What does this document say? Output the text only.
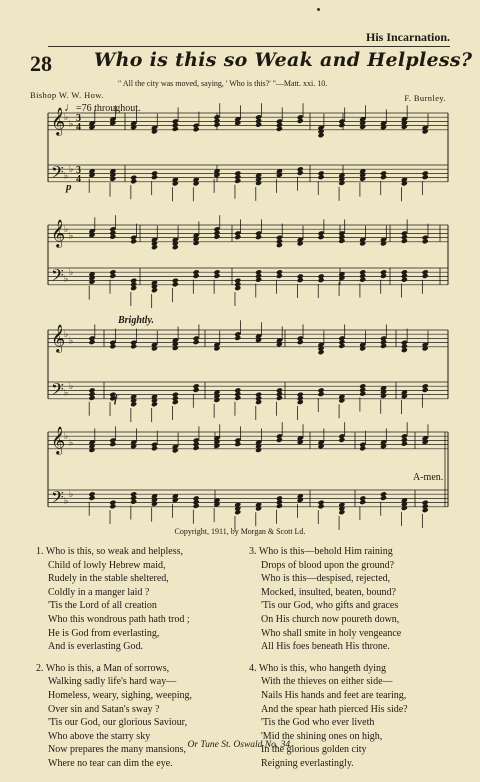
His Incarnation.
28 Who is this so Weak and Helpless?
" All the city was moved, saying, ' Who is this?' "—Matt. xxi. 10.
Bishop W. W. How.	F. Burnley.
♩=76 throughout.
𝄞
♭
♭
3
4
𝄢 ♭
♭ 3
4
𝄞
♭
♭
𝄢 ♭
♭
𝄞
♭
♭
𝄢 ♭
♭
𝄞
♭
♭
𝄢 ♭
♭
p
f
Brightly.
A-men.
Copyright, 1911, by Morgan & Scott Ld.
1. Who is this, so weak and helpless,
Child of lowly Hebrew maid,
Rudely in the stable sheltered,
Coldly in a manger laid ?
'Tis the Lord of all creation
Who this wondrous path hath trod ;
He is God from everlasting,
And is everlasting God.
2. Who is this, a Man of sorrows,
Walking sadly life's hard way—
Homeless, weary, sighing, weeping,
Over sin and Satan's sway ?
'Tis our God, our glorious Saviour,
Who above the starry sky
Now prepares the many mansions,
Where no tear can dim the eye.
3. Who is this—behold Him raining
Drops of blood upon the ground?
Who is this—despised, rejected,
Mocked, insulted, beaten, bound?
'Tis our God, who gifts and graces
On His church now poureth down,
Who shall smite in holy vengeance
All His foes beneath His throne.
4. Who is this, who hangeth dying
With the thieves on either side—
Nails His hands and feet are tearing,
And the spear hath pierced His side?
'Tis the God who ever liveth
'Mid the shining ones on high,
In the glorious golden city
Reigning everlastingly.
Or Tune St. Oswald No. 34.
